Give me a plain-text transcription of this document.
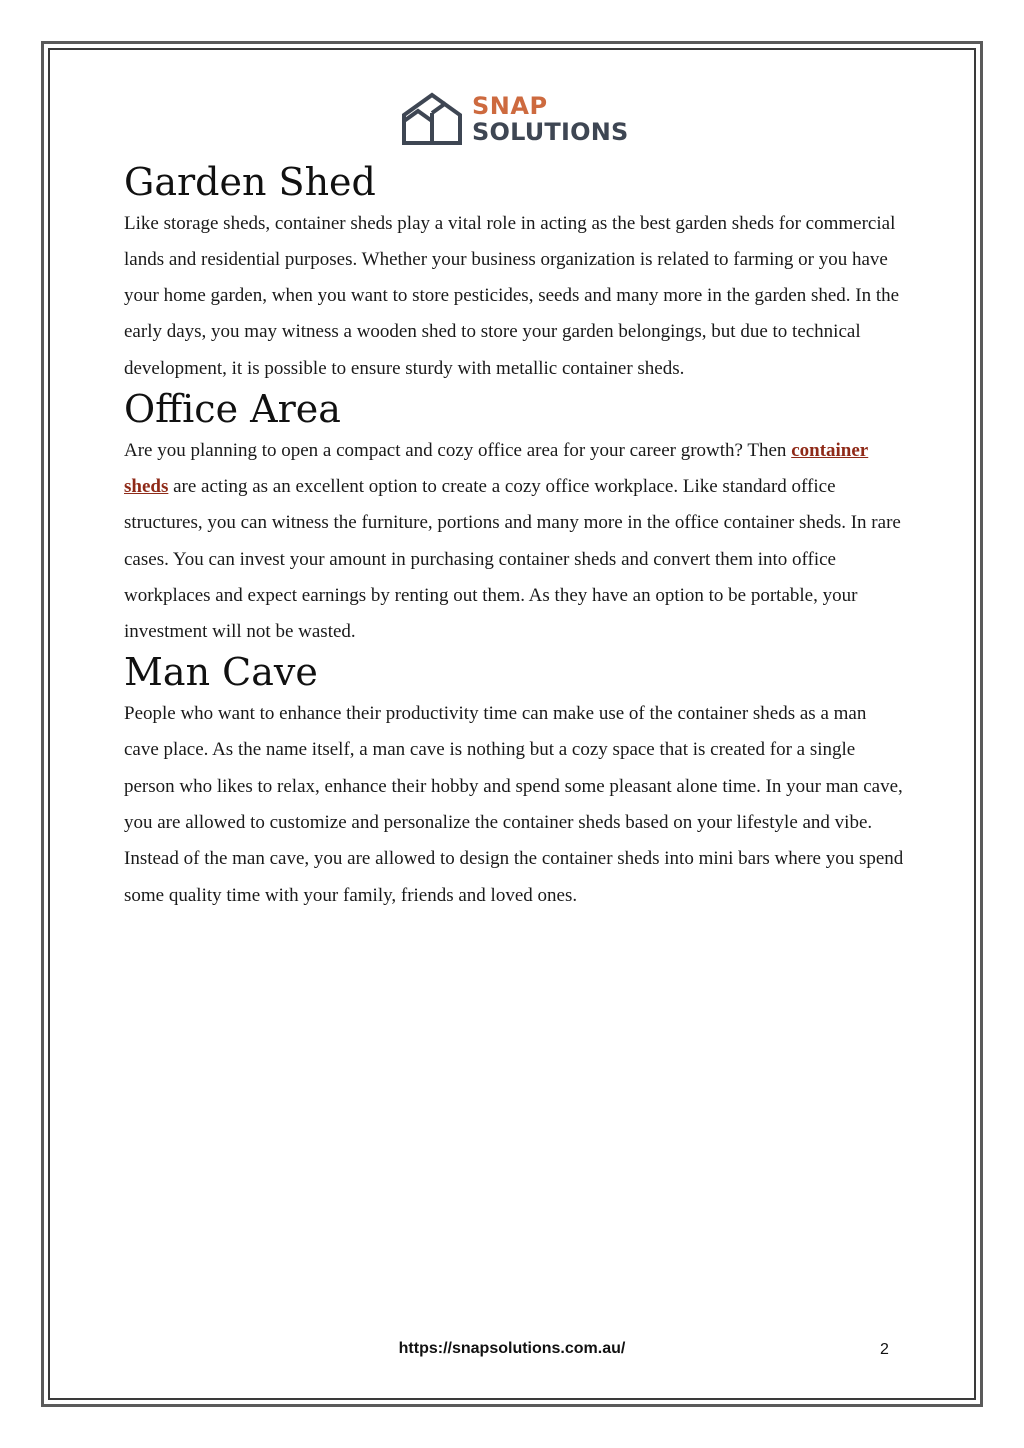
SNAP
SOLUTIONS
Garden Shed

Like storage sheds, container sheds play a vital role in acting as the best garden sheds for commercial lands and residential purposes. Whether your business organization is related to farming or you have your home garden, when you want to store pesticides, seeds and many more in the garden shed. In the early days, you may witness a wooden shed to store your garden belongings, but due to technical development, it is possible to ensure sturdy with metallic container sheds.

Office Area

Are you planning to open a compact and cozy office area for your career growth? Then container sheds are acting as an excellent option to create a cozy office workplace. Like standard office structures, you can witness the furniture, portions and many more in the office container sheds. In rare cases. You can invest your amount in purchasing container sheds and convert them into office workplaces and expect earnings by renting out them. As they have an option to be portable, your investment will not be wasted.

Man Cave

People who want to enhance their productivity time can make use of the container sheds as a man cave place. As the name itself, a man cave is nothing but a cozy space that is created for a single person who likes to relax, enhance their hobby and spend some pleasant alone time. In your man cave, you are allowed to customize and personalize the container sheds based on your lifestyle and vibe. Instead of the man cave, you are allowed to design the container sheds into mini bars where you spend some quality time with your family, friends and loved ones.

https://snapsolutions.com.au/	2
